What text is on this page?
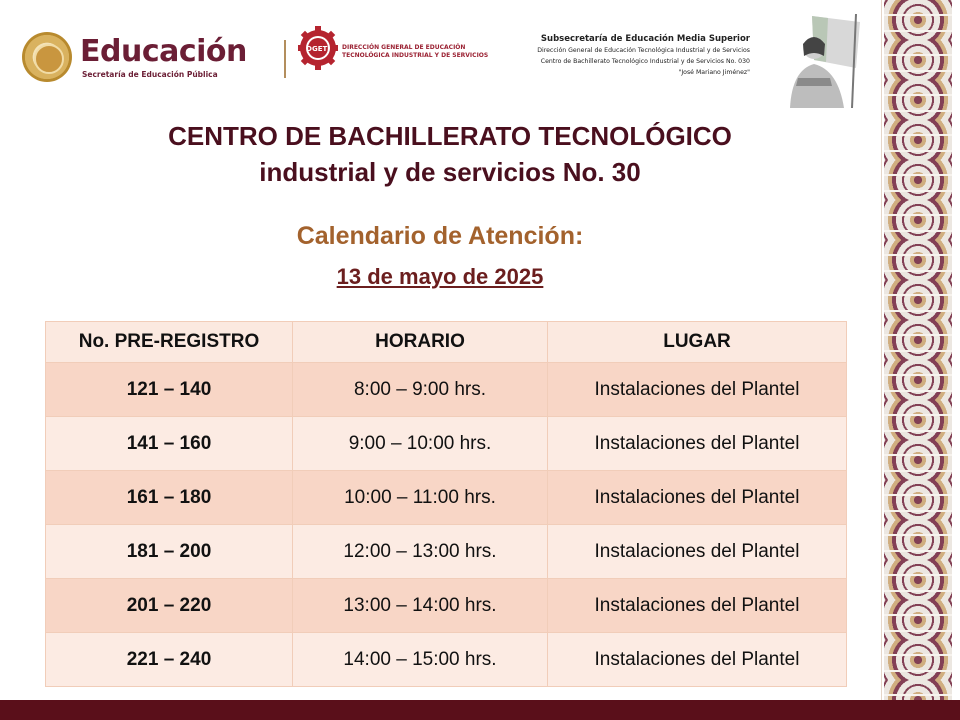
Educación
Secretaría de Educación Pública
DGETI DIRECCIÓN GENERAL DE EDUCACIÓN
TECNOLÓGICA INDUSTRIAL Y DE SERVICIOS
Subsecretaría de Educación Media Superior
Dirección General de Educación Tecnológica Industrial y de Servicios
Centro de Bachillerato Tecnológico Industrial y de Servicios No. 030
"José Mariano Jiménez"
CENTRO DE BACHILLERATO TECNOLÓGICO
industrial y de servicios No. 30
Calendario de Atención:
13 de mayo de 2025
No. PRE-REGISTRO	HORARIO	LUGAR
121 – 140	8:00 – 9:00 hrs.	Instalaciones del Plantel
141 – 160	9:00 – 10:00 hrs.	Instalaciones del Plantel
161 – 180	10:00 – 11:00 hrs.	Instalaciones del Plantel
181 – 200	12:00 – 13:00 hrs.	Instalaciones del Plantel
201 – 220	13:00 – 14:00 hrs.	Instalaciones del Plantel
221 – 240	14:00 – 15:00 hrs.	Instalaciones del Plantel
